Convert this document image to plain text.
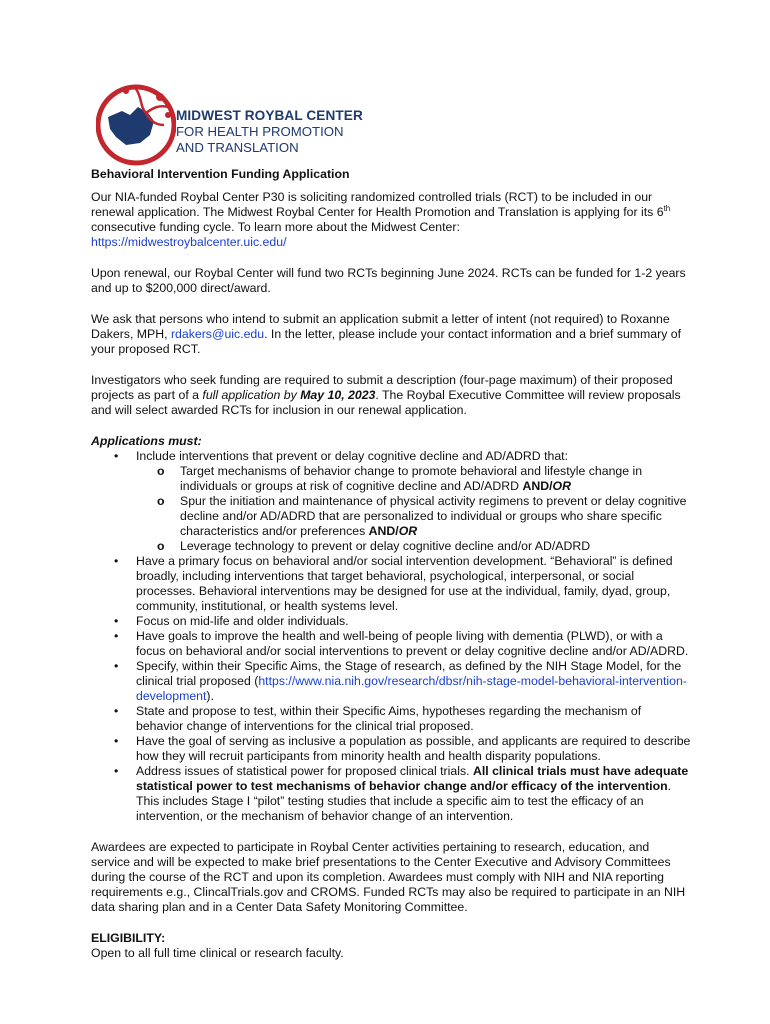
MIDWEST ROYBAL CENTER
FOR HEALTH PROMOTION
AND TRANSLATION

Behavioral Intervention Funding Application

Our NIA-funded Roybal Center P30 is soliciting randomized controlled trials (RCT) to be included in our renewal application. The Midwest Roybal Center for Health Promotion and Translation is applying for its 6th consecutive funding cycle. To learn more about the Midwest Center:
https://midwestroybalcenter.uic.edu/

Upon renewal, our Roybal Center will fund two RCTs beginning June 2024. RCTs can be funded for 1-2 years and up to $200,000 direct/award.

We ask that persons who intend to submit an application submit a letter of intent (not required) to Roxanne Dakers, MPH, rdakers@uic.edu. In the letter, please include your contact information and a brief summary of your proposed RCT.

Investigators who seek funding are required to submit a description (four-page maximum) of their proposed projects as part of a full application by May 10, 2023. The Roybal Executive Committee will review proposals and will select awarded RCTs for inclusion in our renewal application.

Applications must:

• Include interventions that prevent or delay cognitive decline and AD/ADRD that:
o Target mechanisms of behavior change to promote behavioral and lifestyle change in individuals or groups at risk of cognitive decline and AD/ADRD AND/OR
o Spur the initiation and maintenance of physical activity regimens to prevent or delay cognitive decline and/or AD/ADRD that are personalized to individual or groups who share specific characteristics and/or preferences AND/OR
o Leverage technology to prevent or delay cognitive decline and/or AD/ADRD
• Have a primary focus on behavioral and/or social intervention development. “Behavioral” is defined broadly, including interventions that target behavioral, psychological, interpersonal, or social processes. Behavioral interventions may be designed for use at the individual, family, dyad, group, community, institutional, or health systems level.
• Focus on mid-life and older individuals.
• Have goals to improve the health and well-being of people living with dementia (PLWD), or with a focus on behavioral and/or social interventions to prevent or delay cognitive decline and/or AD/ADRD.
• Specify, within their Specific Aims, the Stage of research, as defined by the NIH Stage Model, for the clinical trial proposed (https://www.nia.nih.gov/research/dbsr/nih-stage-model-behavioral-intervention-development).
• State and propose to test, within their Specific Aims, hypotheses regarding the mechanism of behavior change of interventions for the clinical trial proposed.
• Have the goal of serving as inclusive a population as possible, and applicants are required to describe how they will recruit participants from minority health and health disparity populations.
• Address issues of statistical power for proposed clinical trials. All clinical trials must have adequate statistical power to test mechanisms of behavior change and/or efficacy of the intervention. This includes Stage I “pilot” testing studies that include a specific aim to test the efficacy of an intervention, or the mechanism of behavior change of an intervention.

Awardees are expected to participate in Roybal Center activities pertaining to research, education, and service and will be expected to make brief presentations to the Center Executive and Advisory Committees during the course of the RCT and upon its completion. Awardees must comply with NIH and NIA reporting requirements e.g., ClincalTrials.gov and CROMS. Funded RCTs may also be required to participate in an NIH data sharing plan and in a Center Data Safety Monitoring Committee.

ELIGIBILITY:

Open to all full time clinical or research faculty.
